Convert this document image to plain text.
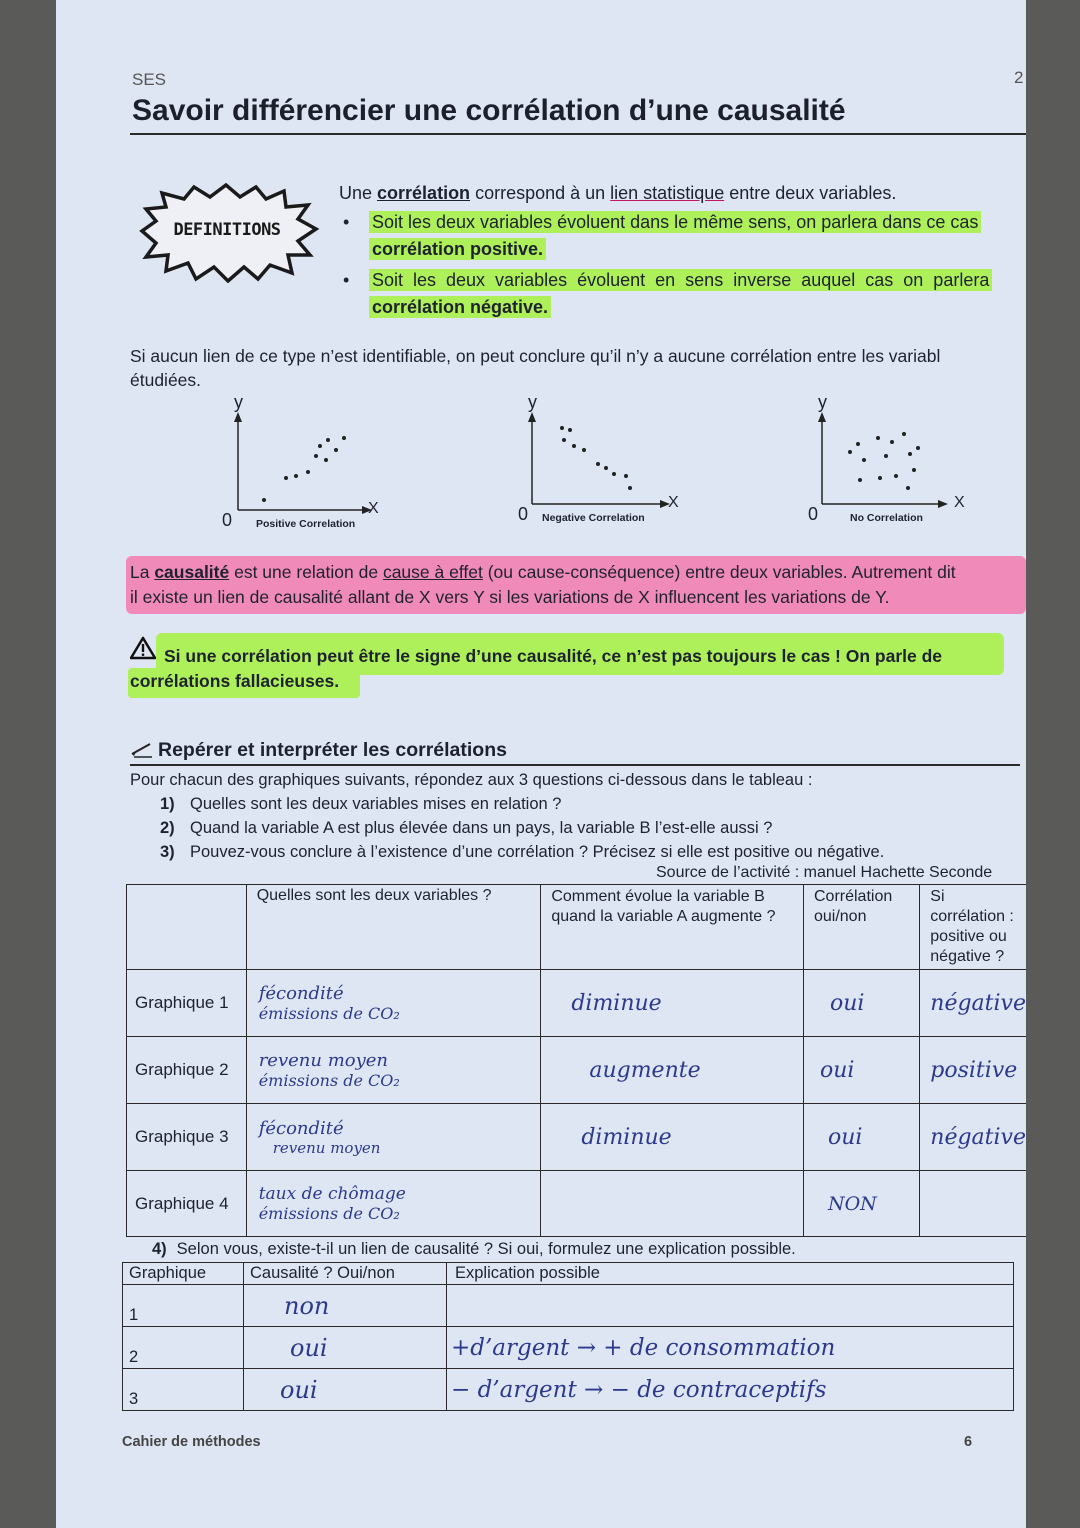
SES	2
Savoir différencier une corrélation d’une causalité
DEFINITIONS
Une corrélation correspond à un lien statistique entre deux variables.
• Soit les deux variables évoluent dans le même sens, on parlera dans ce cas
corrélation positive.
• Soit les deux variables évoluent en sens inverse auquel cas on parlera
corrélation négative.
Si aucun lien de ce type n’est identifiable, on peut conclure qu’il n’y a aucune corrélation entre les variabl
étudiées.
y
X
0 Positive Correlation
y
X
0 Negative Correlation
y
X
0	No Correlation
La causalité est une relation de cause à effet (ou cause-conséquence) entre deux variables. Autrement dit
il existe un lien de causalité allant de X vers Y si les variations de X influencent les variations de Y.
Si une corrélation peut être le signe d’une causalité, ce n’est pas toujours le cas ! On parle de
corrélations fallacieuses.
Repérer et interpréter les corrélations
Pour chacun des graphiques suivants, répondez aux 3 questions ci-dessous dans le tableau :
1) Quelles sont les deux variables mises en relation ?
2) Quand la variable A est plus élevée dans un pays, la variable B l’est-elle aussi ?
3) Pouvez-vous conclure à l’existence d’une corrélation ? Précisez si elle est positive ou négative.
Source de l’activité : manuel Hachette Seconde
	Quelles sont les deux variables ?	Comment évolue la variable B quand la variable A augmente ?	Corrélation oui/non	Si corrélation : positive ou négative ?
Graphique 1	fécondité
émissions de CO₂	diminue	oui	négative
Graphique 2	revenu moyen
émissions de CO₂	augmente	oui	positive
Graphique 3	fécondité
revenu moyen	diminue	oui	négative
Graphique 4	taux de chômage
émissions de CO₂		NON	
4) Selon vous, existe-t-il un lien de causalité ? Si oui, formulez une explication possible.
Graphique	Causalité ? Oui/non	Explication possible
1	non	
2	oui	+d’argent → + de consommation
3	oui	− d’argent → − de contraceptifs
Cahier de méthodes	6
